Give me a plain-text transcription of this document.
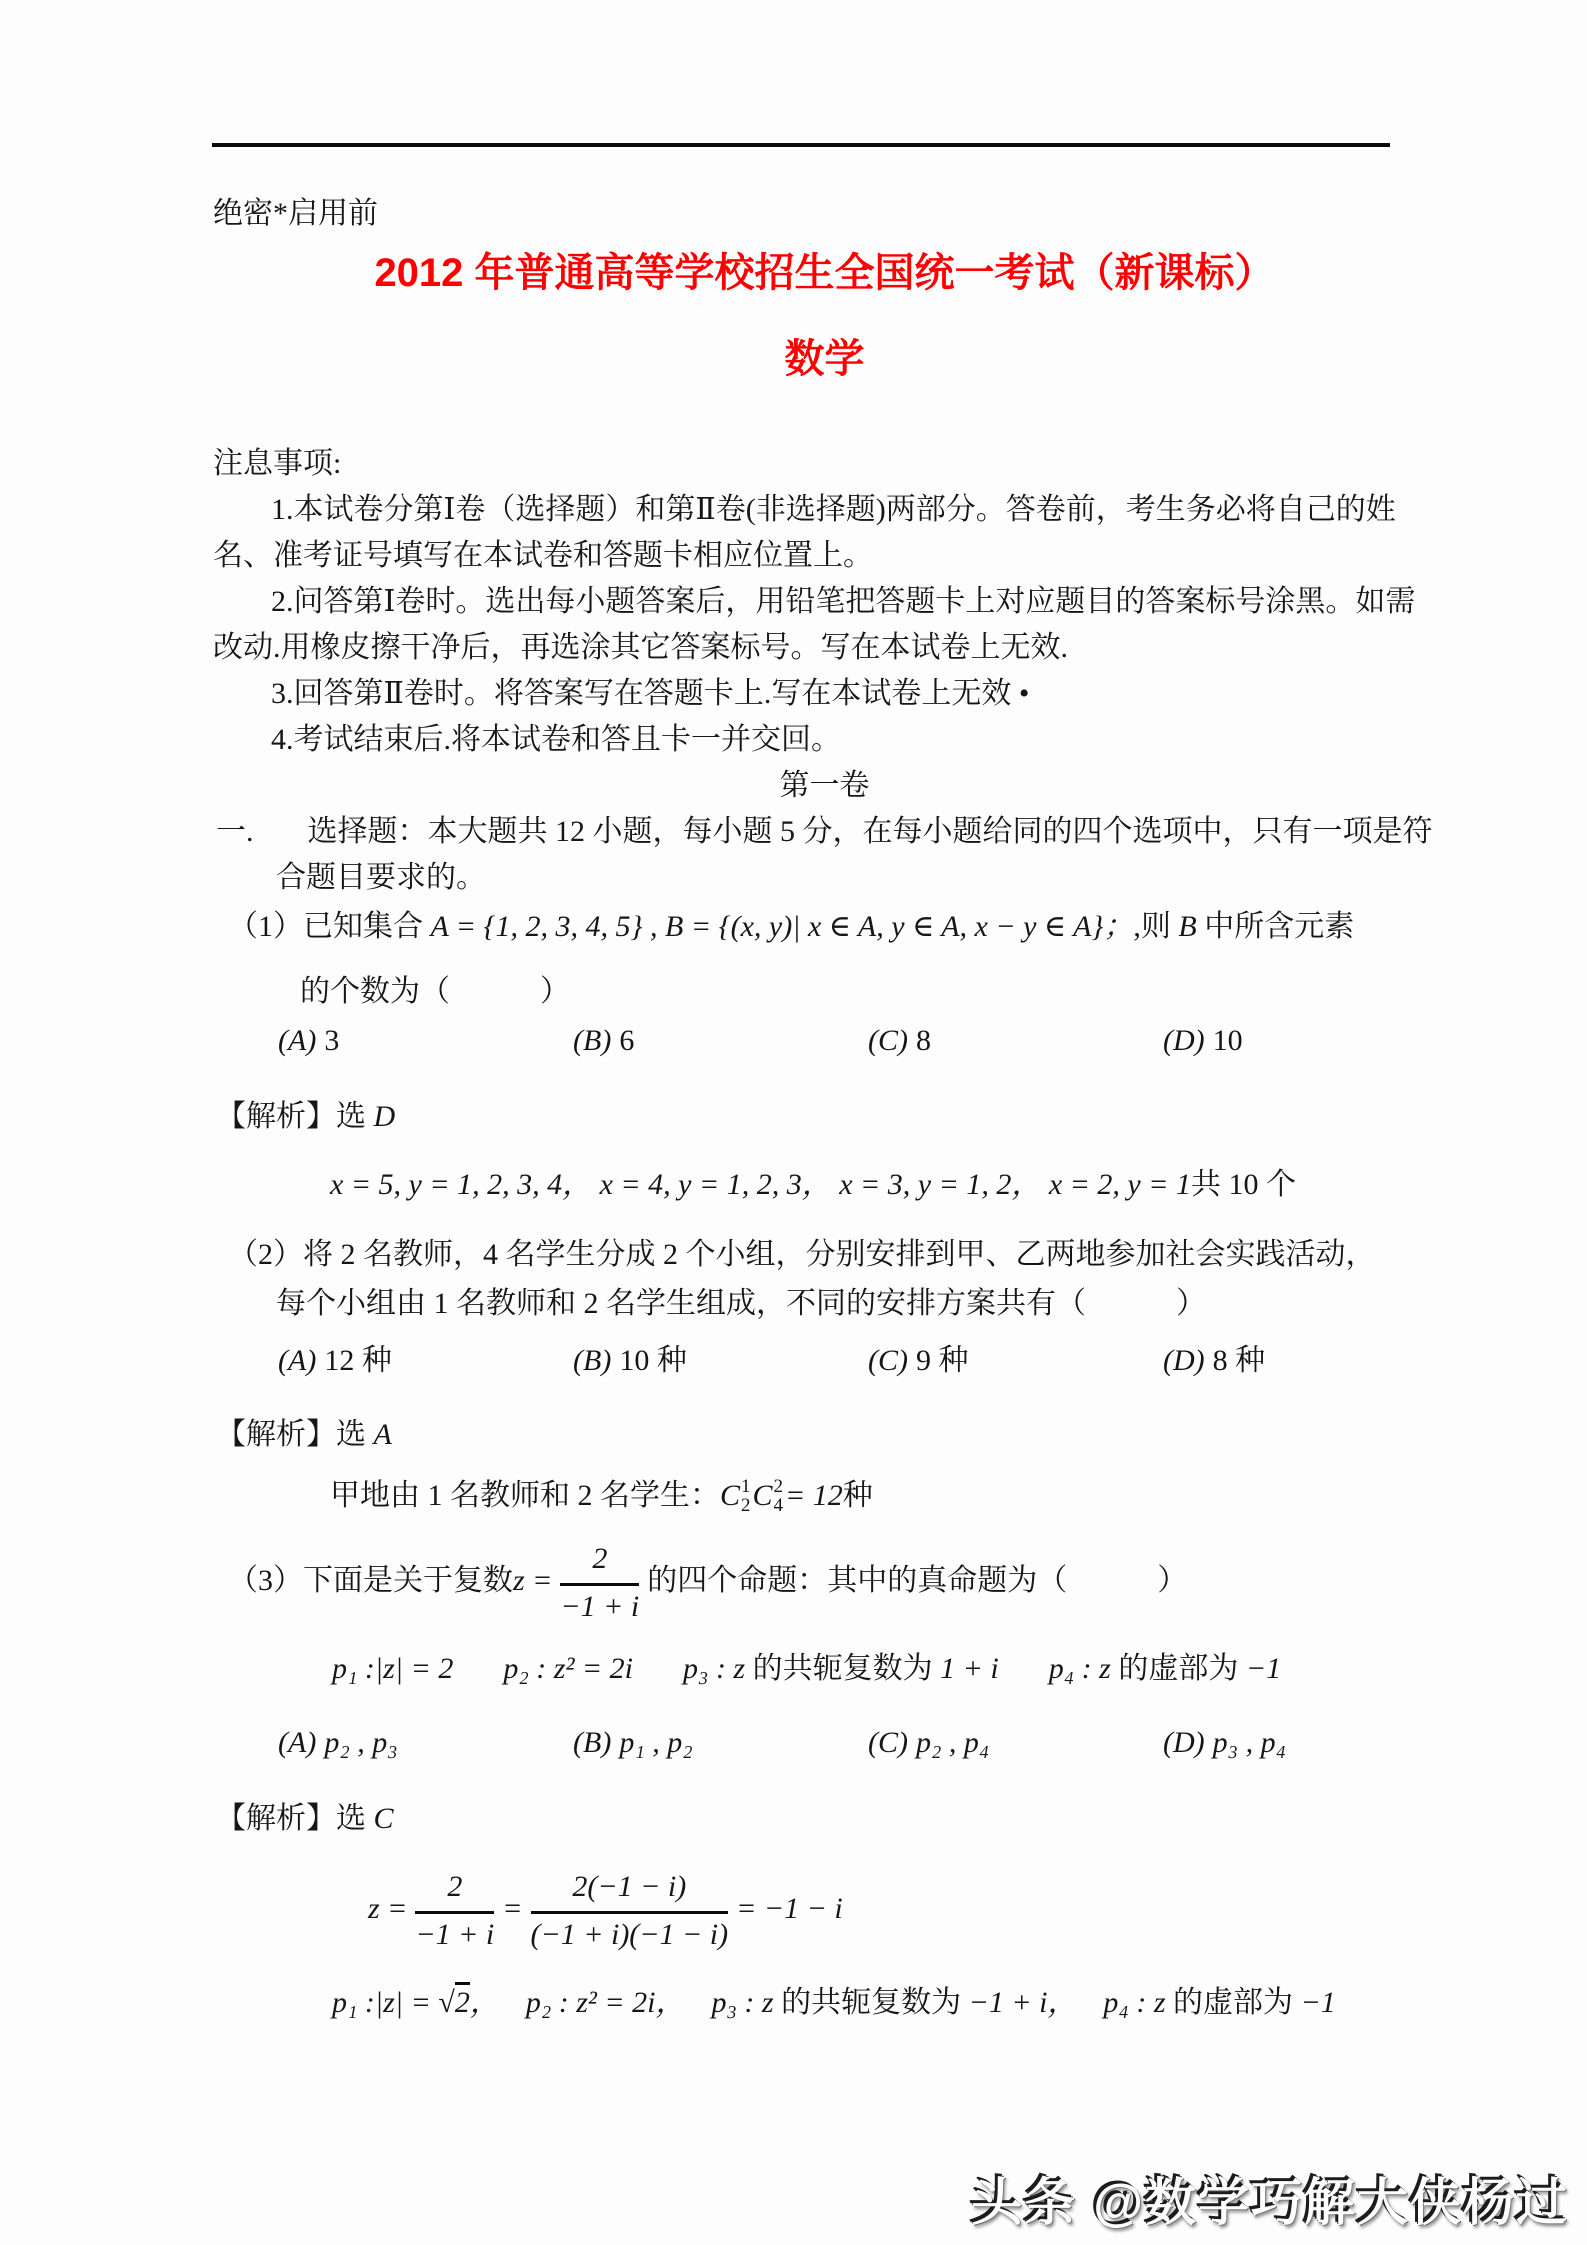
绝密*启用前
2012 年普通高等学校招生全国统一考试（新课标）
数学
注息事项:

1.本试卷分第Ⅰ卷（选择题）和第Ⅱ卷(非选择题)两部分。答卷前，考生务必将自己的姓名、准考证号填写在本试卷和答题卡相应位置上。

2.问答第Ⅰ卷时。选出每小题答案后，用铅笔把答题卡上对应题目的答案标号涂黑。如需改动.用橡皮擦干净后，再选涂其它答案标号。写在本试卷上无效.

3.回答第Ⅱ卷时。将答案写在答题卡上.写在本试卷上无效 •

4.考试结束后.将本试卷和答且卡一并交回。

第一卷
一. 选择题：本大题共 12 小题，每小题 5 分，在每小题给同的四个选项中，只有一项是符合题目要求的。
（1）已知集合 A = {1, 2, 3, 4, 5} , B = {(x, y)| x ∈ A, y ∈ A, x − y ∈ A}；,则 B 中所含元素
的个数为（　　　）
(A) 3	(B) 6	(C) 8	(D) 10
【解析】选 D
x = 5, y = 1, 2, 3, 4， x = 4, y = 1, 2, 3， x = 3, y = 1, 2， x = 2, y = 1共 10 个
（2）将 2 名教师，4 名学生分成 2 个小组，分别安排到甲、乙两地参加社会实践活动，
每个小组由 1 名教师和 2 名学生组成，不同的安排方案共有（　　　）
(A) 12 种	(B) 10 种	(C) 9 种	(D) 8 种
【解析】选 A
甲地由 1 名教师和 2 名学生： C 1
2 C 2
4 = 12 种
（3） 下面是关于复数 $z = \frac{2}{-1 + i}$ 的四个命题：其中的真命题为（　　　）
p₁ :|z| = 2 p₂ : z² = 2i p₃ : z 的共轭复数为 1 + i p₄ : z 的虚部为 −1
(A) p₂ , p₃	(B) p₁ , p₂	(C) p₂ , p₄	(D) p₃ , p₄
【解析】选 C
$z = \frac{2}{-1 + i} = \frac{2(-1 - i)}{(-1 + i)(-1 - i)} = -1 - i$
p₁ :|z| = √2， p₂ : z² = 2i， p₃ : z 的共轭复数为 −1 + i， p₄ : z 的虚部为 −1
头条 @数学巧解大侠杨过
